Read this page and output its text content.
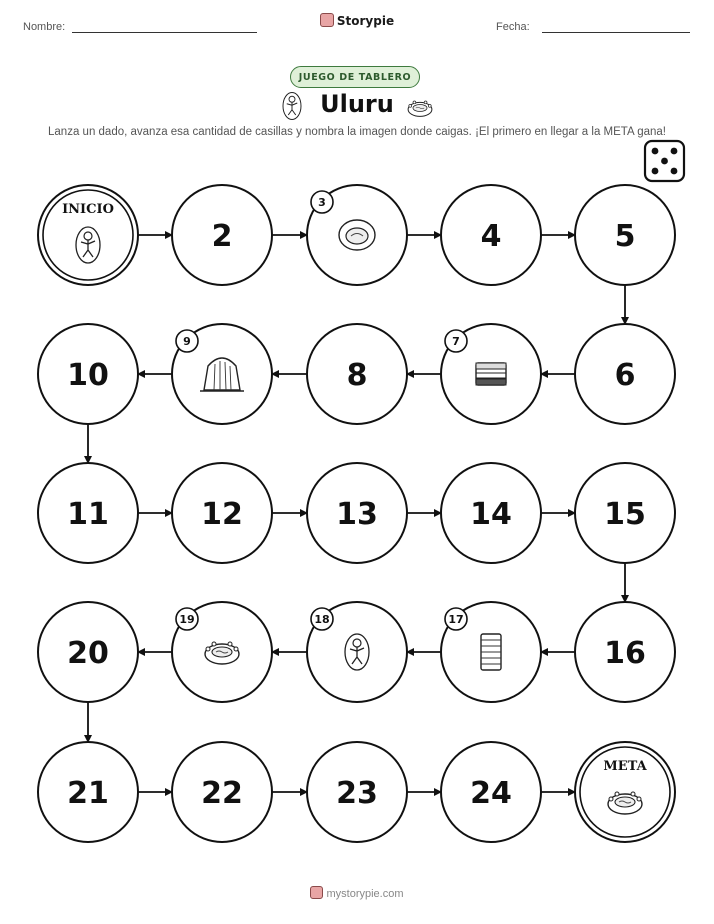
Nombre:	Storypie	Fecha:
JUEGO DE TABLERO
Uluru
Lanza un dado, avanza esa cantidad de casillas y nombra la imagen donde caigas. ¡El primero en llegar a la META gana!
mystorypie.com
INICIO
2
3
4	5
6
7
8
9
10
11	12	13	14	15
16
17
18
19
20
21	22	23	24
META
